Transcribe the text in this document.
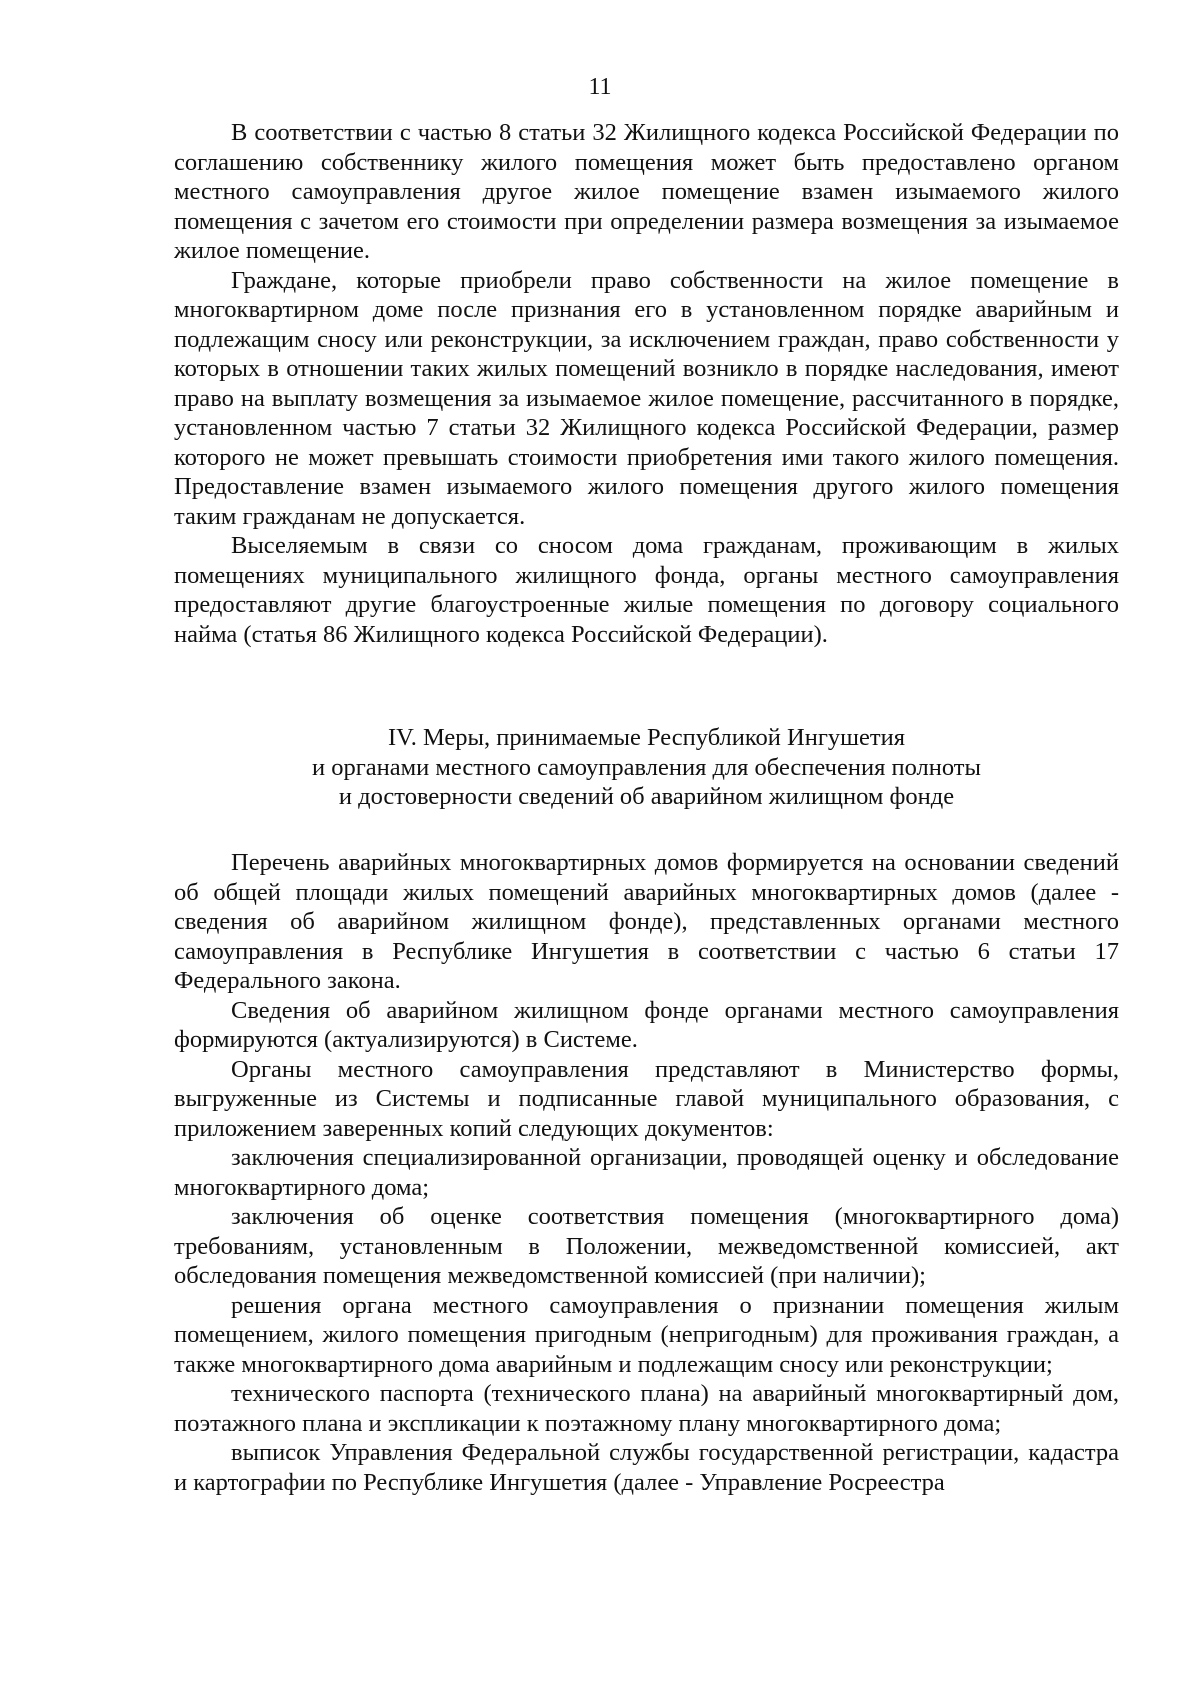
11

В соответствии с частью 8 статьи 32 Жилищного кодекса Российской Федерации по соглашению собственнику жилого помещения может быть предоставлено органом местного самоуправления другое жилое помещение взамен изымаемого жилого помещения с зачетом его стоимости при определении размера возмещения за изымаемое жилое помещение.

Граждане, которые приобрели право собственности на жилое помещение в многоквартирном доме после признания его в установленном порядке аварийным и подлежащим сносу или реконструкции, за исключением граждан, право собственности у которых в отношении таких жилых помещений возникло в порядке наследования, имеют право на выплату возмещения за изымаемое жилое помещение, рассчитанного в порядке, установленном частью 7 статьи 32 Жилищного кодекса Российской Федерации, размер которого не может превышать стоимости приобретения ими такого жилого помещения. Предоставление взамен изымаемого жилого помещения другого жилого помещения таким гражданам не допускается.

Выселяемым в связи со сносом дома гражданам, проживающим в жилых помещениях муниципального жилищного фонда, органы местного самоуправления предоставляют другие благоустроенные жилые помещения по договору социального найма (статья 86 Жилищного кодекса Российской Федерации).

IV. Меры, принимаемые Республикой Ингушетия
и органами местного самоуправления для обеспечения полноты
и достоверности сведений об аварийном жилищном фонде

Перечень аварийных многоквартирных домов формируется на основании сведений об общей площади жилых помещений аварийных многоквартирных домов (далее - сведения об аварийном жилищном фонде), представленных органами местного самоуправления в Республике Ингушетия в соответствии с частью 6 статьи 17 Федерального закона.

Сведения об аварийном жилищном фонде органами местного самоуправления формируются (актуализируются) в Системе.

Органы местного самоуправления представляют в Министерство формы, выгруженные из Системы и подписанные главой муниципального образования, с приложением заверенных копий следующих документов:

заключения специализированной организации, проводящей оценку и обследование многоквартирного дома;

заключения об оценке соответствия помещения (многоквартирного дома) требованиям, установленным в Положении, межведомственной комиссией, акт обследования помещения межведомственной комиссией (при наличии);

решения органа местного самоуправления о признании помещения жилым помещением, жилого помещения пригодным (непригодным) для проживания граждан, а также многоквартирного дома аварийным и подлежащим сносу или реконструкции;

технического паспорта (технического плана) на аварийный многоквартирный дом, поэтажного плана и экспликации к поэтажному плану многоквартирного дома;

выписок Управления Федеральной службы государственной регистрации, кадастра и картографии по Республике Ингушетия (далее - Управление Росреестра
